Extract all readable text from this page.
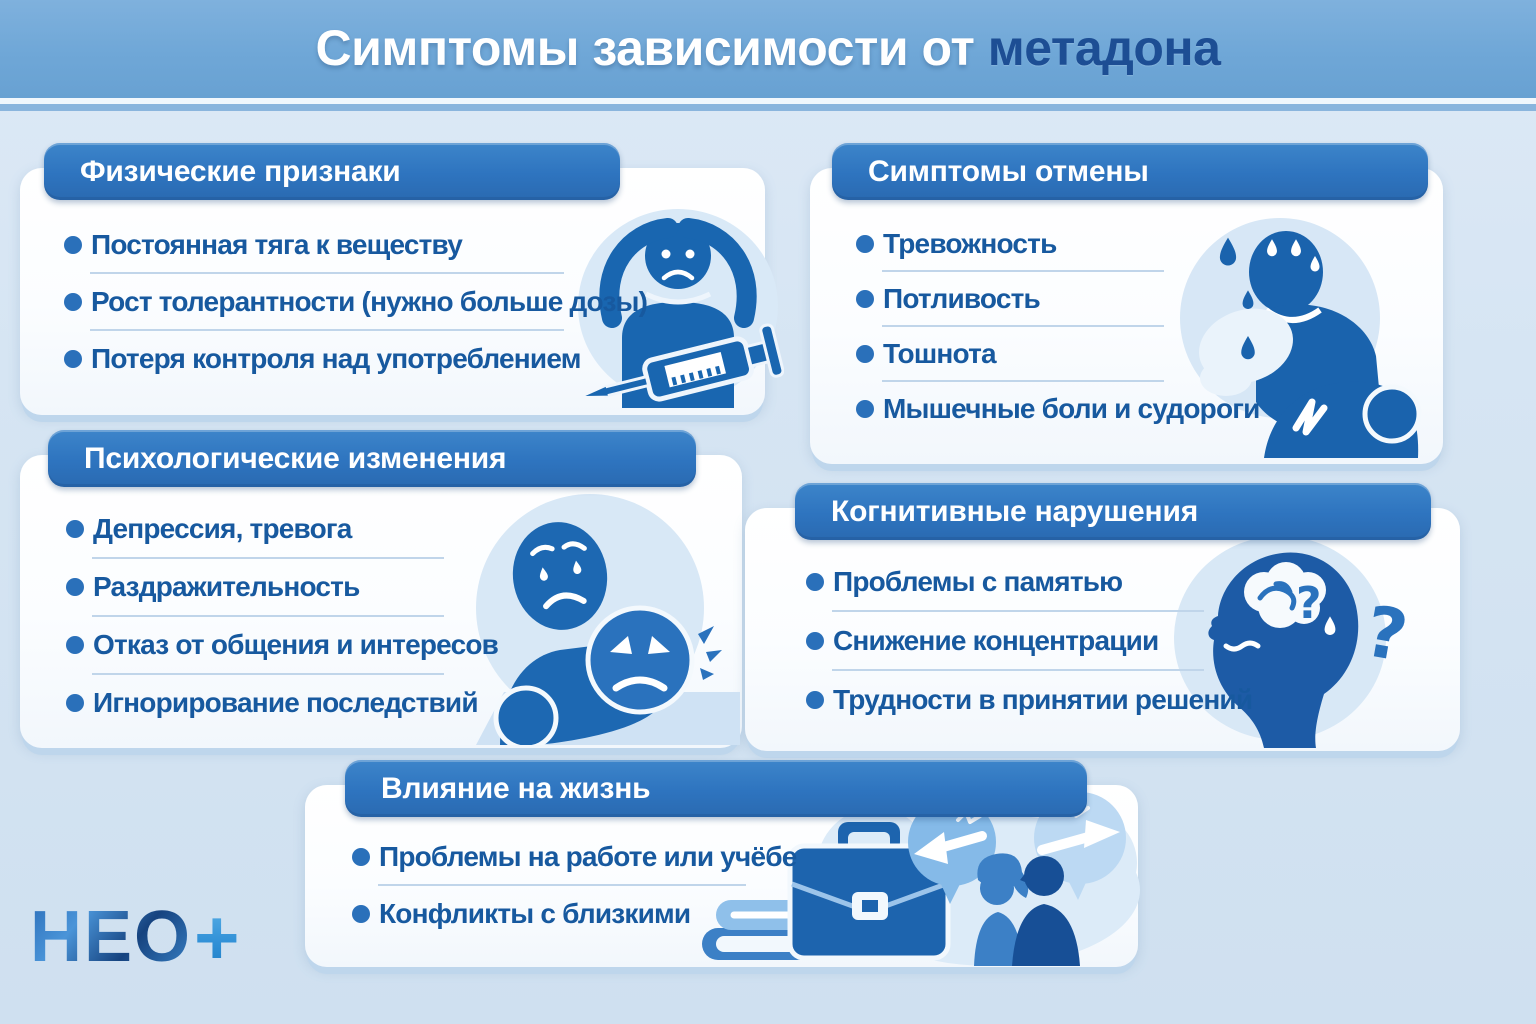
Симптомы зависимости от метадона
Физические признаки
Постоянная тяга к веществу
Рост толерантности (нужно больше дозы)
Потеря контроля над употреблением
Симптомы отмены
Тревожность
Потливость
Тошнота
Мышечные боли и судороги
Психологические изменения
Депрессия, тревога
Раздражительность
Отказ от общения и интересов
Игнорирование последствий
Когнитивные нарушения
Проблемы с памятью
Снижение концентрации
Трудности в принятии решений
? ?
Влияние на жизнь
Проблемы на работе или учёбе
Конфликты с близкими
НЕО +
